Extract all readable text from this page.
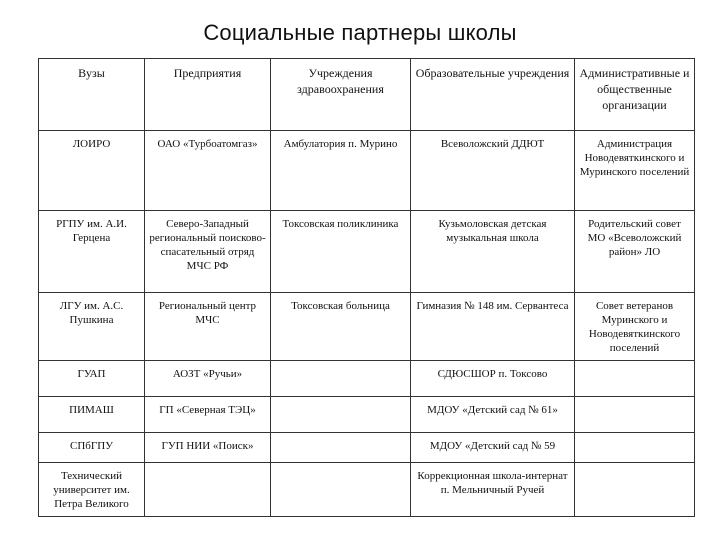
Социальные партнеры школы
Вузы	Предприятия	Учреждения здравоохранения	Образовательные учреждения	Административные и общественные организации
ЛОИРО	ОАО «Турбоатомгаз»	Амбулатория п. Мурино	Всеволожский ДДЮТ	Администрация Новодевяткинского и Муринского поселений
РГПУ им. А.И. Герцена	Северо-Западный региональный поисково-спасательный отряд МЧС РФ	Токсовская поликлиника	Кузьмоловская детская музыкальная школа	Родительский совет МО «Всеволожский район» ЛО
ЛГУ им. А.С. Пушкина	Региональный центр МЧС	Токсовская больница	Гимназия № 148 им. Сервантеса	Совет ветеранов Муринского и Новодевяткинского поселений
ГУАП	АОЗТ «Ручьи»		СДЮСШОР п. Токсово	
ПИМАШ	ГП «Северная ТЭЦ»		МДОУ «Детский сад № 61»	
СПбГПУ	ГУП НИИ «Поиск»		МДОУ «Детский сад № 59	
Технический университет им. Петра Великого			Коррекционная школа-интернат п. Мельничный Ручей	
